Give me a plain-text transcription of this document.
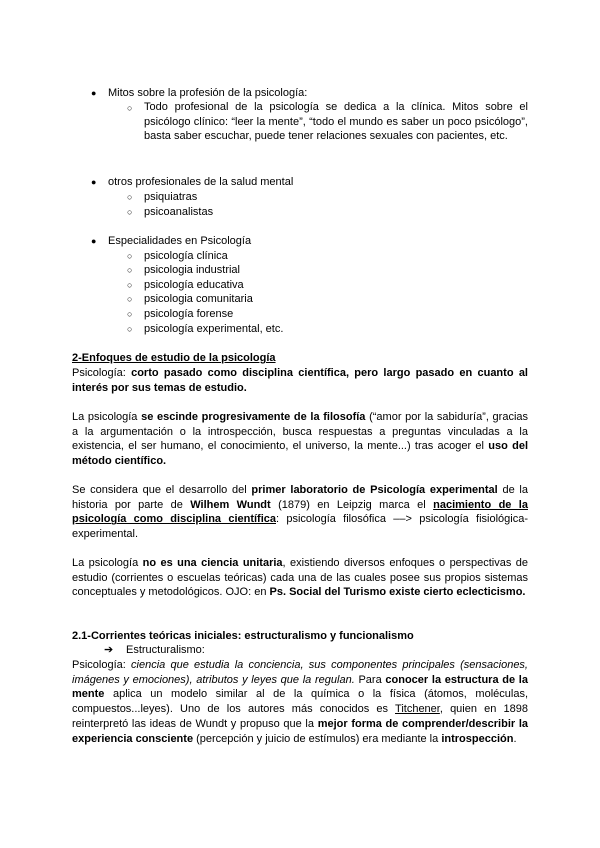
● Mitos sobre la profesión de la psicología:
○ Todo profesional de la psicología se dedica a la clínica. Mitos sobre el psicólogo clínico: “leer la mente”, “todo el mundo es saber un poco psicólogo”, basta saber escuchar, puede tener relaciones sexuales con pacientes, etc.
● otros profesionales de la salud mental
○ psiquiatras
○ psicoanalistas
● Especialidades en Psicología
○ psicología clínica
○ psicologia industrial
○ psicología educativa
○ psicologia comunitaria
○ psicología forense
○ psicología experimental, etc.
2-Enfoques de estudio de la psicología
Psicología: corto pasado como disciplina científica, pero largo pasado en cuanto al interés por sus temas de estudio.
La psicología se escinde progresivamente de la filosofía (“amor por la sabiduría”, gracias a la argumentación o la introspección, busca respuestas a preguntas vinculadas a la existencia, el ser humano, el conocimiento, el universo, la mente...) tras acoger el uso del método científico.
Se considera que el desarrollo del primer laboratorio de Psicología experimental de la historia por parte de Wilhem Wundt (1879) en Leipzig marca el nacimiento de la psicología como disciplina científica: psicología filosófica ––> psicología fisiológica-experimental.
La psicología no es una ciencia unitaria, existiendo diversos enfoques o perspectivas de estudio (corrientes o escuelas teóricas) cada una de las cuales posee sus propios sistemas conceptuales y metodológicos. OJO: en Ps. Social del Turismo existe cierto eclecticismo.
2.1-Corrientes teóricas iniciales: estructuralismo y funcionalismo
➔ Estructuralismo:
Psicología: ciencia que estudia la conciencia, sus componentes principales (sensaciones, imágenes y emociones), atributos y leyes que la regulan. Para conocer la estructura de la mente aplica un modelo similar al de la química o la física (átomos, moléculas, compuestos...leyes). Uno de los autores más conocidos es Titchener, quien en 1898 reinterpretó las ideas de Wundt y propuso que la mejor forma de comprender/describir la experiencia consciente (percepción y juicio de estímulos) era mediante la introspección.
